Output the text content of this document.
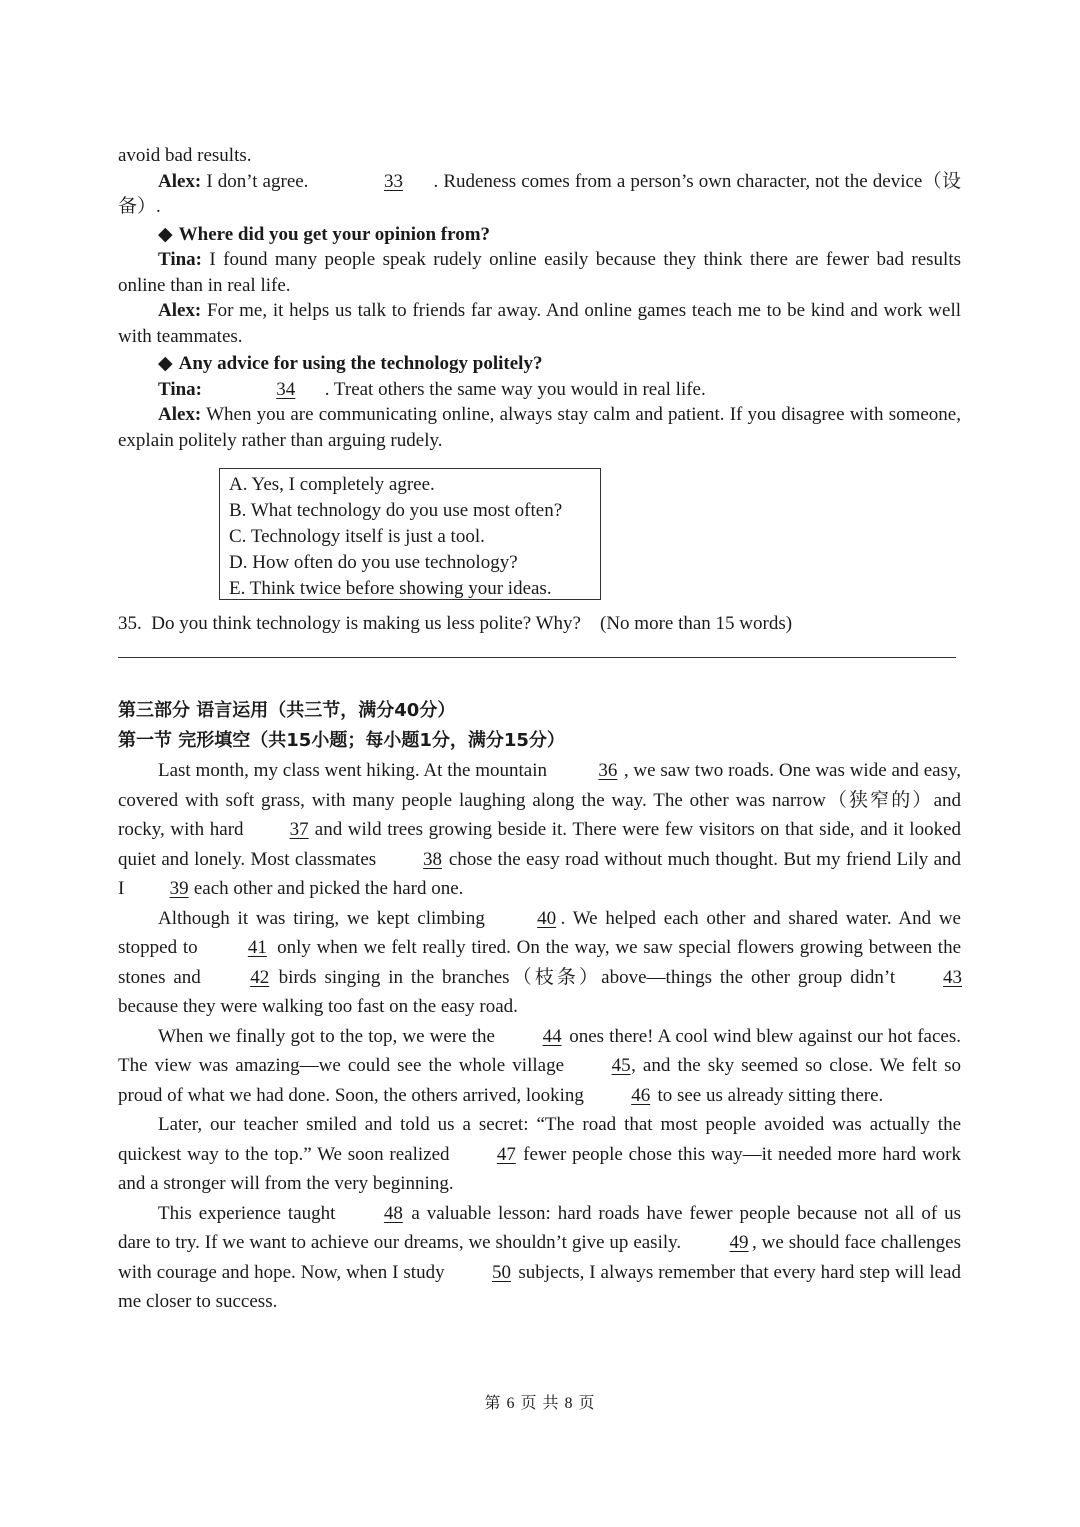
avoid bad results.

Alex: I don’t agree.	33 . Rudeness comes from a person’s own character, not the device（设备）.

◆ Where did you get your opinion from?

Tina: I found many people speak rudely online easily because they think there are fewer bad results online than in real life.

Alex: For me, it helps us talk to friends far away. And online games teach me to be kind and work well with teammates.

◆ Any advice for using the technology politely?

Tina:	34 . Treat others the same way you would in real life.

Alex: When you are communicating online, always stay calm and patient. If you disagree with someone, explain politely rather than arguing rudely.

A. Yes, I completely agree.
B. What technology do you use most often?
C. Technology itself is just a tool.
D. How often do you use technology?
E. Think twice before showing your ideas.

35.  Do you think technology is making us less polite? Why?    (No more than 15 words)

第三部分 语言运用（共三节，满分40分）
第一节 完形填空（共15小题；每小题1分，满分15分）

Last month, my class went hiking. At the mountain 36 , we saw two roads. One was wide and easy, covered with soft grass, with many people laughing along the way. The other was narrow（狭窄的）and rocky, with hard 37 and wild trees growing beside it. There were few visitors on that side, and it looked quiet and lonely. Most classmates 38 chose the easy road without much thought. But my friend Lily and I 39 each other and picked the hard one.

Although it was tiring, we kept climbing 40 . We helped each other and shared water. And we stopped to 41 only when we felt really tired. On the way, we saw special flowers growing between the stones and 42 birds singing in the branches（枝条）above—things the other group didn’t 43 because they were walking too fast on the easy road.

When we finally got to the top, we were the 44 ones there! A cool wind blew against our hot faces. The view was amazing—we could see the whole village 45, and the sky seemed so close. We felt so proud of what we had done. Soon, the others arrived, looking 46 to see us already sitting there.

Later, our teacher smiled and told us a secret: “The road that most people avoided was actually the quickest way to the top.” We soon realized 47 fewer people chose this way—it needed more hard work and a stronger will from the very beginning.

This experience taught 48 a valuable lesson: hard roads have fewer people because not all of us dare to try. If we want to achieve our dreams, we shouldn’t give up easily. 49 , we should face challenges with courage and hope. Now, when I study 50 subjects, I always remember that every hard step will lead me closer to success.

第 6 页 共 8 页
